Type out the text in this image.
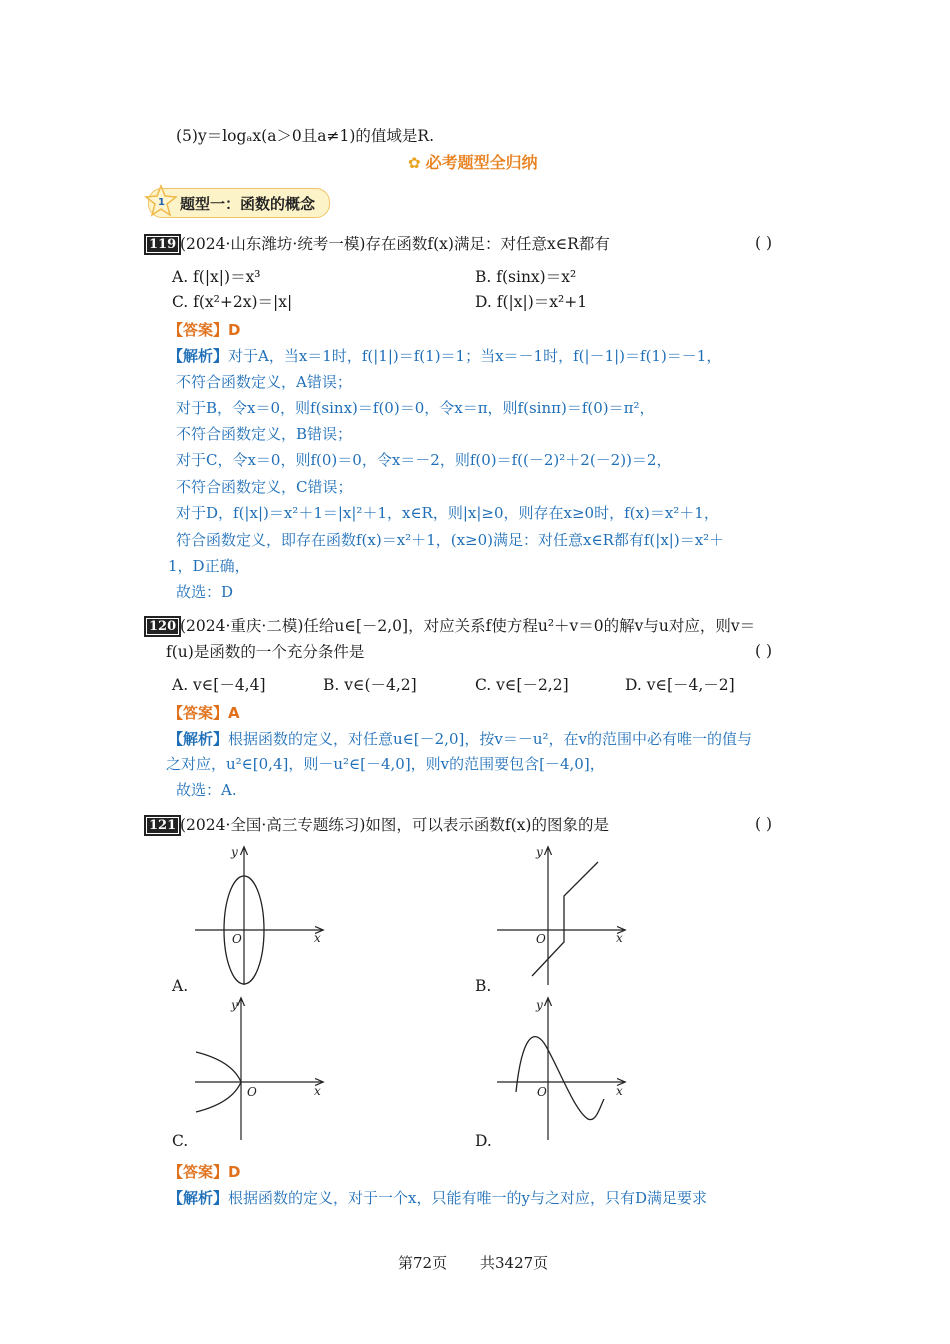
(5)y＝logₐx(a＞0且a≠1)的值域是R.
✿ 必考题型全归纳
1 题型一：函数的概念
119 (2024·山东潍坊·统考一模)存在函数f(x)满足：对任意x∈R都有	( )
A. f(|x|)＝x³	B. f(sinx)＝x²
C. f(x²+2x)＝|x|	D. f(|x|)＝x²+1
【答案】D
【解析】对于A，当x＝1时，f(|1|)＝f(1)＝1；当x＝－1时，f(|－1|)＝f(1)＝－1，
不符合函数定义，A错误；
对于B，令x＝0，则f(sinx)＝f(0)＝0，令x＝π，则f(sinπ)＝f(0)＝π²，
不符合函数定义，B错误；
对于C，令x＝0，则f(0)＝0，令x＝－2，则f(0)＝f((－2)²＋2(－2))＝2，
不符合函数定义，C错误；
对于D，f(|x|)＝x²＋1＝|x|²＋1，x∈R，则|x|≥0，则存在x≥0时，f(x)＝x²＋1，
符合函数定义，即存在函数f(x)＝x²＋1，(x≥0)满足：对任意x∈R都有f(|x|)＝x²＋
1，D正确，
故选：D
120 (2024·重庆·二模)任给u∈[－2,0]，对应关系f使方程u²＋v＝0的解v与u对应，则v＝
f(u)是函数的一个充分条件是	( )
A. v∈[－4,4]	B. v∈(－4,2]	C. v∈[－2,2]	D. v∈[－4,－2]
【答案】A
【解析】根据函数的定义，对任意u∈[－2,0]，按v＝－u²，在v的范围中必有唯一的值与
之对应，u²∈[0,4]，则－u²∈[－4,0]，则v的范围要包含[－4,0]，
故选：A.
121 (2024·全国·高三专题练习)如图，可以表示函数f(x)的图象的是	( )
x
y
O
A.
x
y
O
B.
x
y
O
C.
x
y
O
D.
【答案】D
【解析】根据函数的定义，对于一个x，只能有唯一的y与之对应，只有D满足要求
第72页 共3427页
